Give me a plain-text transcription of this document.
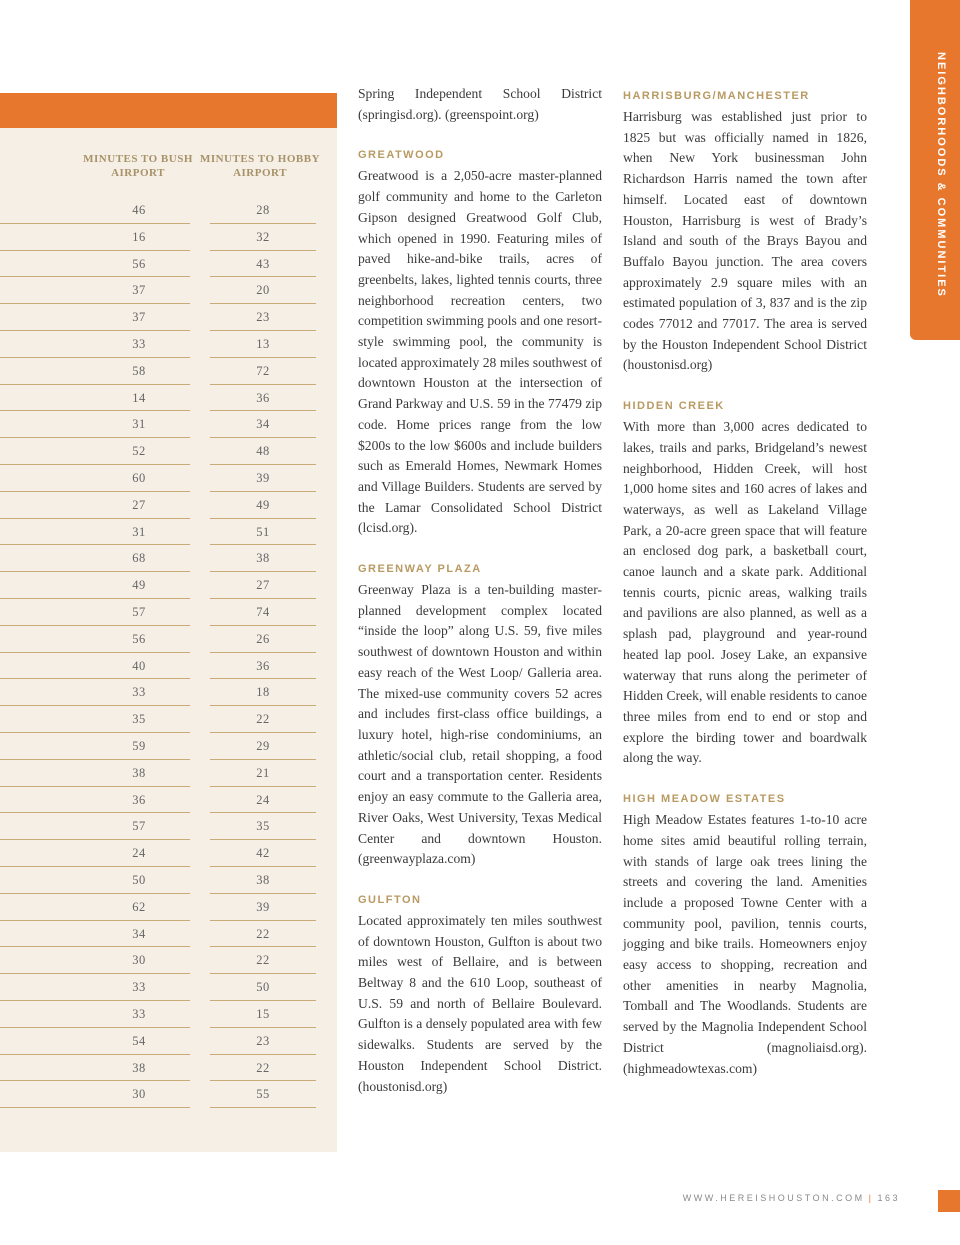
MINUTES TO BUSH AIRPORT
MINUTES TO HOBBY AIRPORT
46	28
16	32
56	43
37	20
37	23
33	13
58	72
14	36
31	34
52	48
60	39
27	49
31	51
68	38
49	27
57	74
56	26
40	36
33	18
35	22
59	29
38	21
36	24
57	35
24	42
50	38
62	39
34	22
30	22
33	50
33	15
54	23
38	22
30	55

Spring Independent School District (springisd.org). (greenspoint.org)

GREATWOOD

Greatwood is a 2,050-acre master-planned golf community and home to the Carleton Gipson designed Greatwood Golf Club, which opened in 1990. Featuring miles of paved hike-and-bike trails, acres of greenbelts, lakes, lighted tennis courts, three neighborhood recreation centers, two competition swimming pools and one resort-style swimming pool, the community is located approximately 28 miles southwest of downtown Houston at the intersection of Grand Parkway and U.S. 59 in the 77479 zip code. Home prices range from the low $200s to the low $600s and include builders such as Emerald Homes, Newmark Homes and Village Builders. Students are served by the Lamar Consolidated School District (lcisd.org).

GREENWAY PLAZA

Greenway Plaza is a ten-building master-planned development complex located “inside the loop” along U.S. 59, five miles southwest of downtown Houston and within easy reach of the West Loop/ Galleria area. The mixed-use community covers 52 acres and includes first-class office buildings, a luxury hotel, high-rise condominiums, an athletic/social club, retail shopping, a food court and a transportation center. Residents enjoy an easy commute to the Galleria area, River Oaks, West University, Texas Medical Center and downtown Houston. (greenwayplaza.com)

GULFTON

Located approximately ten miles southwest of downtown Houston, Gulfton is about two miles west of Bellaire, and is between Beltway 8 and the 610 Loop, southeast of U.S. 59 and north of Bellaire Boulevard. Gulfton is a densely populated area with few sidewalks. Students are served by the Houston Independent School District. (houstonisd.org)

HARRISBURG/MANCHESTER

Harrisburg was established just prior to 1825 but was officially named in 1826, when New York businessman John Richardson Harris named the town after himself. Located east of downtown Houston, Harrisburg is west of Brady’s Island and south of the Brays Bayou and Buffalo Bayou junction. The area covers approximately 2.9 square miles with an estimated population of 3, 837 and is the zip codes 77012 and 77017. The area is served by the Houston Independent School District (houstonisd.org)

HIDDEN CREEK

With more than 3,000 acres dedicated to lakes, trails and parks, Bridgeland’s newest neighborhood, Hidden Creek, will host 1,000 home sites and 160 acres of lakes and waterways, as well as Lakeland Village Park, a 20-acre green space that will feature an enclosed dog park, a basketball court, canoe launch and a skate park. Additional tennis courts, picnic areas, walking trails and pavilions are also planned, as well as a splash pad, playground and year-round heated lap pool. Josey Lake, an expansive waterway that runs along the perimeter of Hidden Creek, will enable residents to canoe three miles from end to end or stop and explore the birding tower and boardwalk along the way.

HIGH MEADOW ESTATES

High Meadow Estates features 1-to-10 acre home sites amid beautiful rolling terrain, with stands of large oak trees lining the streets and covering the land. Amenities include a proposed Towne Center with a community pool, pavilion, tennis courts, jogging and bike trails. Homeowners enjoy easy access to shopping, recreation and other amenities in nearby Magnolia, Tomball and The Woodlands. Students are served by the Magnolia Independent School District (magnoliaisd.org). (highmeadowtexas.com)

NEIGHBORHOODS & COMMUNITIES
WWW.HEREISHOUSTON.COM | 163
